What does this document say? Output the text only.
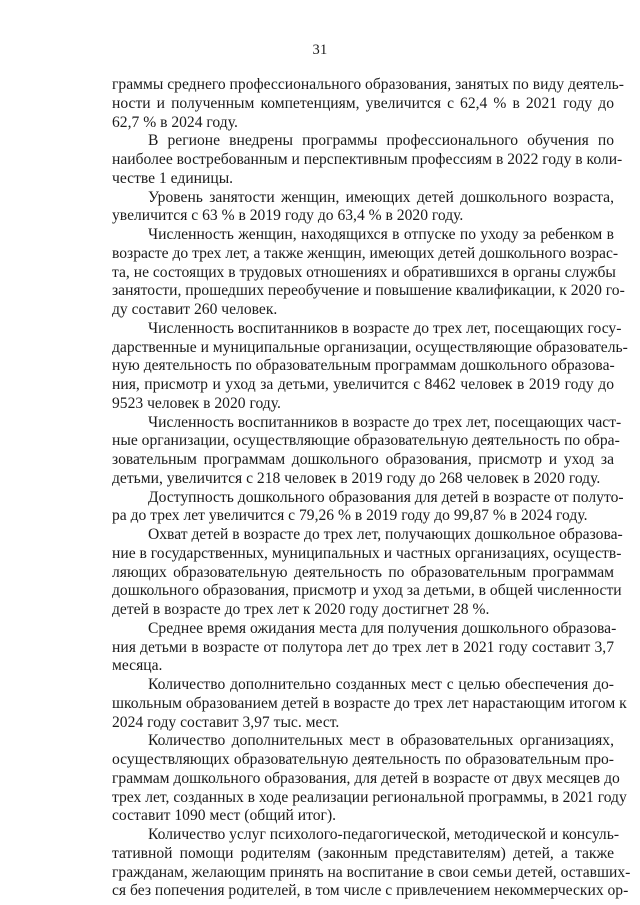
31
граммы среднего профессионального образования, занятых по виду деятель-
ности и полученным компетенциям, увеличится с 62,4 % в 2021 году до
62,7 % в 2024 году.
В регионе внедрены программы профессионального обучения по
наиболее востребованным и перспективным профессиям в 2022 году в коли-
честве 1 единицы.
Уровень занятости женщин, имеющих детей дошкольного возраста,
увеличится с 63 % в 2019 году до 63,4 % в 2020 году.
Численность женщин, находящихся в отпуске по уходу за ребенком в
возрасте до трех лет, а также женщин, имеющих детей дошкольного возрас-
та, не состоящих в трудовых отношениях и обратившихся в органы службы
занятости, прошедших переобучение и повышение квалификации, к 2020 го-
ду составит 260 человек.
Численность воспитанников в возрасте до трех лет, посещающих госу-
дарственные и муниципальные организации, осуществляющие образователь-
ную деятельность по образовательным программам дошкольного образова-
ния, присмотр и уход за детьми, увеличится с 8462 человек в 2019 году до
9523 человек в 2020 году.
Численность воспитанников в возрасте до трех лет, посещающих част-
ные организации, осуществляющие образовательную деятельность по обра-
зовательным программам дошкольного образования, присмотр и уход за
детьми, увеличится с 218 человек в 2019 году до 268 человек в 2020 году.
Доступность дошкольного образования для детей в возрасте от полуто-
ра до трех лет увеличится с 79,26 % в 2019 году до 99,87 % в 2024 году.
Охват детей в возрасте до трех лет, получающих дошкольное образова-
ние в государственных, муниципальных и частных организациях, осуществ-
ляющих образовательную деятельность по образовательным программам
дошкольного образования, присмотр и уход за детьми, в общей численности
детей в возрасте до трех лет к 2020 году достигнет 28 %.
Среднее время ожидания места для получения дошкольного образова-
ния детьми в возрасте от полутора лет до трех лет в 2021 году составит 3,7
месяца.
Количество дополнительно созданных мест с целью обеспечения до-
школьным образованием детей в возрасте до трех лет нарастающим итогом к
2024 году составит 3,97 тыс. мест.
Количество дополнительных мест в образовательных организациях,
осуществляющих образовательную деятельность по образовательным про-
граммам дошкольного образования, для детей в возрасте от двух месяцев до
трех лет, созданных в ходе реализации региональной программы, в 2021 году
составит 1090 мест (общий итог).
Количество услуг психолого-педагогической, методической и консуль-
тативной помощи родителям (законным представителям) детей, а также
гражданам, желающим принять на воспитание в свои семьи детей, оставших-
ся без попечения родителей, в том числе с привлечением некоммерческих ор-
